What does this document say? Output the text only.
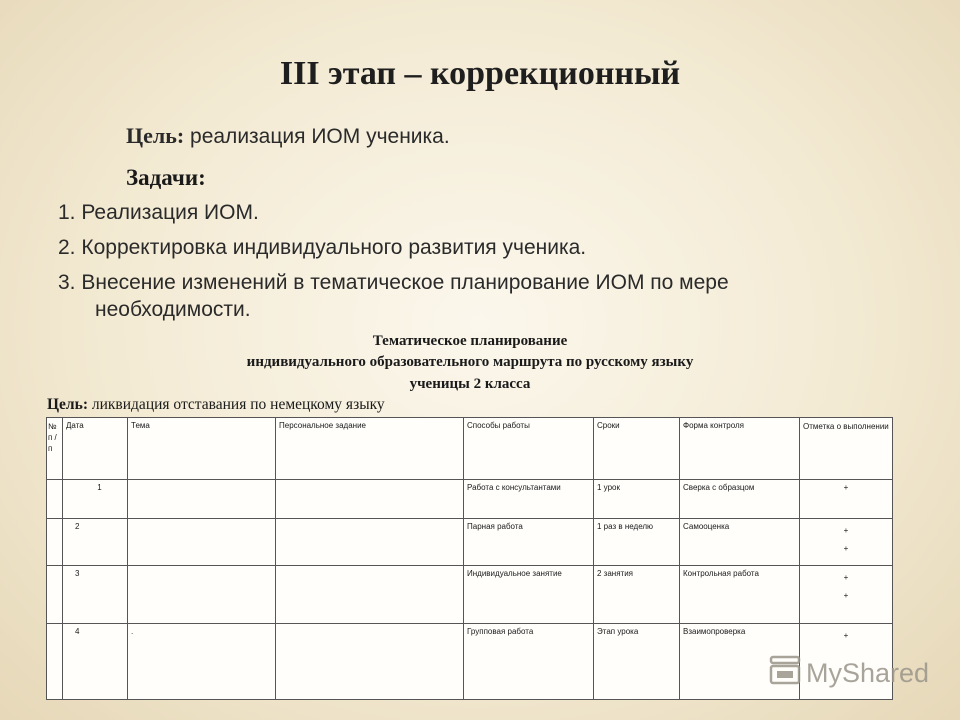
III этап – коррекционный
Цель: реализация ИОМ ученика.
Задачи:
1. Реализация ИОМ.
2. Корректировка индивидуального развития ученика.
3. Внесение изменений в тематическое планирование ИОМ по мере
необходимости.
Тематическое планирование
индивидуального образовательного маршрута по русскому языку
ученицы 2 класса
Цель: ликвидация отставания по немецкому языку
№ п / п	Дата	Тема	Персональное задание	Способы работы	Сроки	Форма контроля	Отметка о выполнении
	1			Работа с консультантами	1 урок	Сверка с образцом	+

	2			Парная работа	1 раз в неделю	Самооценка	+
+

	3			Индивидуальное занятие	2 занятия	Контрольная работа	+
+

	4	.		Групповая работа	Этап урока	Взаимопроверка	+
MyShared
